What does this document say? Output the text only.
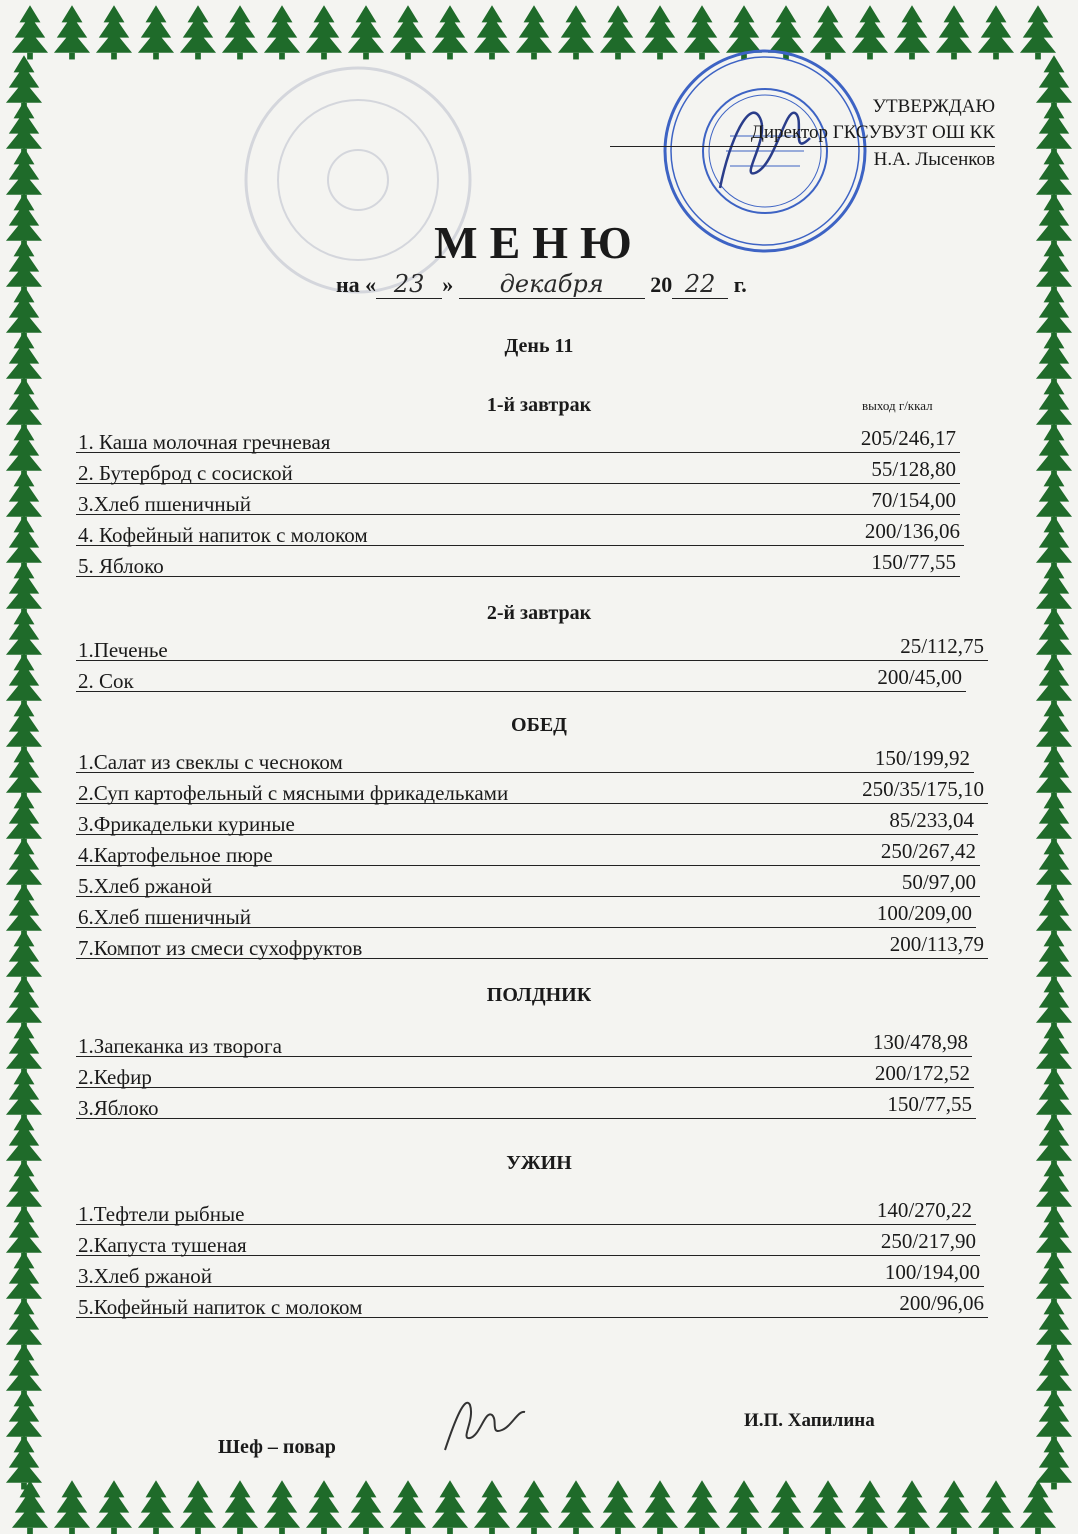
УТВЕРЖДАЮ
Директор ГКСУВУЗТ ОШ КК
Н.А. Лысенков
МЕНЮ
на « 23 » декабря 20 22 г.
День 11
выход г/ккал
1-й завтрак
1. Каша молочная гречневая	205/246,17
2. Бутерброд с сосиской	55/128,80
3.Хлеб пшеничный	70/154,00
4. Кофейный напиток с молоком	200/136,06
5. Яблоко	150/77,55
2-й завтрак
1.Печенье	25/112,75
2. Сок	200/45,00
ОБЕД
1.Салат из свеклы с чесноком	150/199,92
2.Суп картофельный с мясными фрикадельками	250/35/175,10
3.Фрикадельки куриные	85/233,04
4.Картофельное пюре	250/267,42
5.Хлеб ржаной	50/97,00
6.Хлеб пшеничный	100/209,00
7.Компот из смеси сухофруктов	200/113,79
ПОЛДНИК
1.Запеканка из творога	130/478,98
2.Кефир	200/172,52
3.Яблоко	150/77,55
УЖИН
1.Тефтели рыбные	140/270,22
2.Капуста тушеная	250/217,90
3.Хлеб ржаной	100/194,00
5.Кофейный напиток с молоком	200/96,06
Шеф – повар
И.П. Хапилина
